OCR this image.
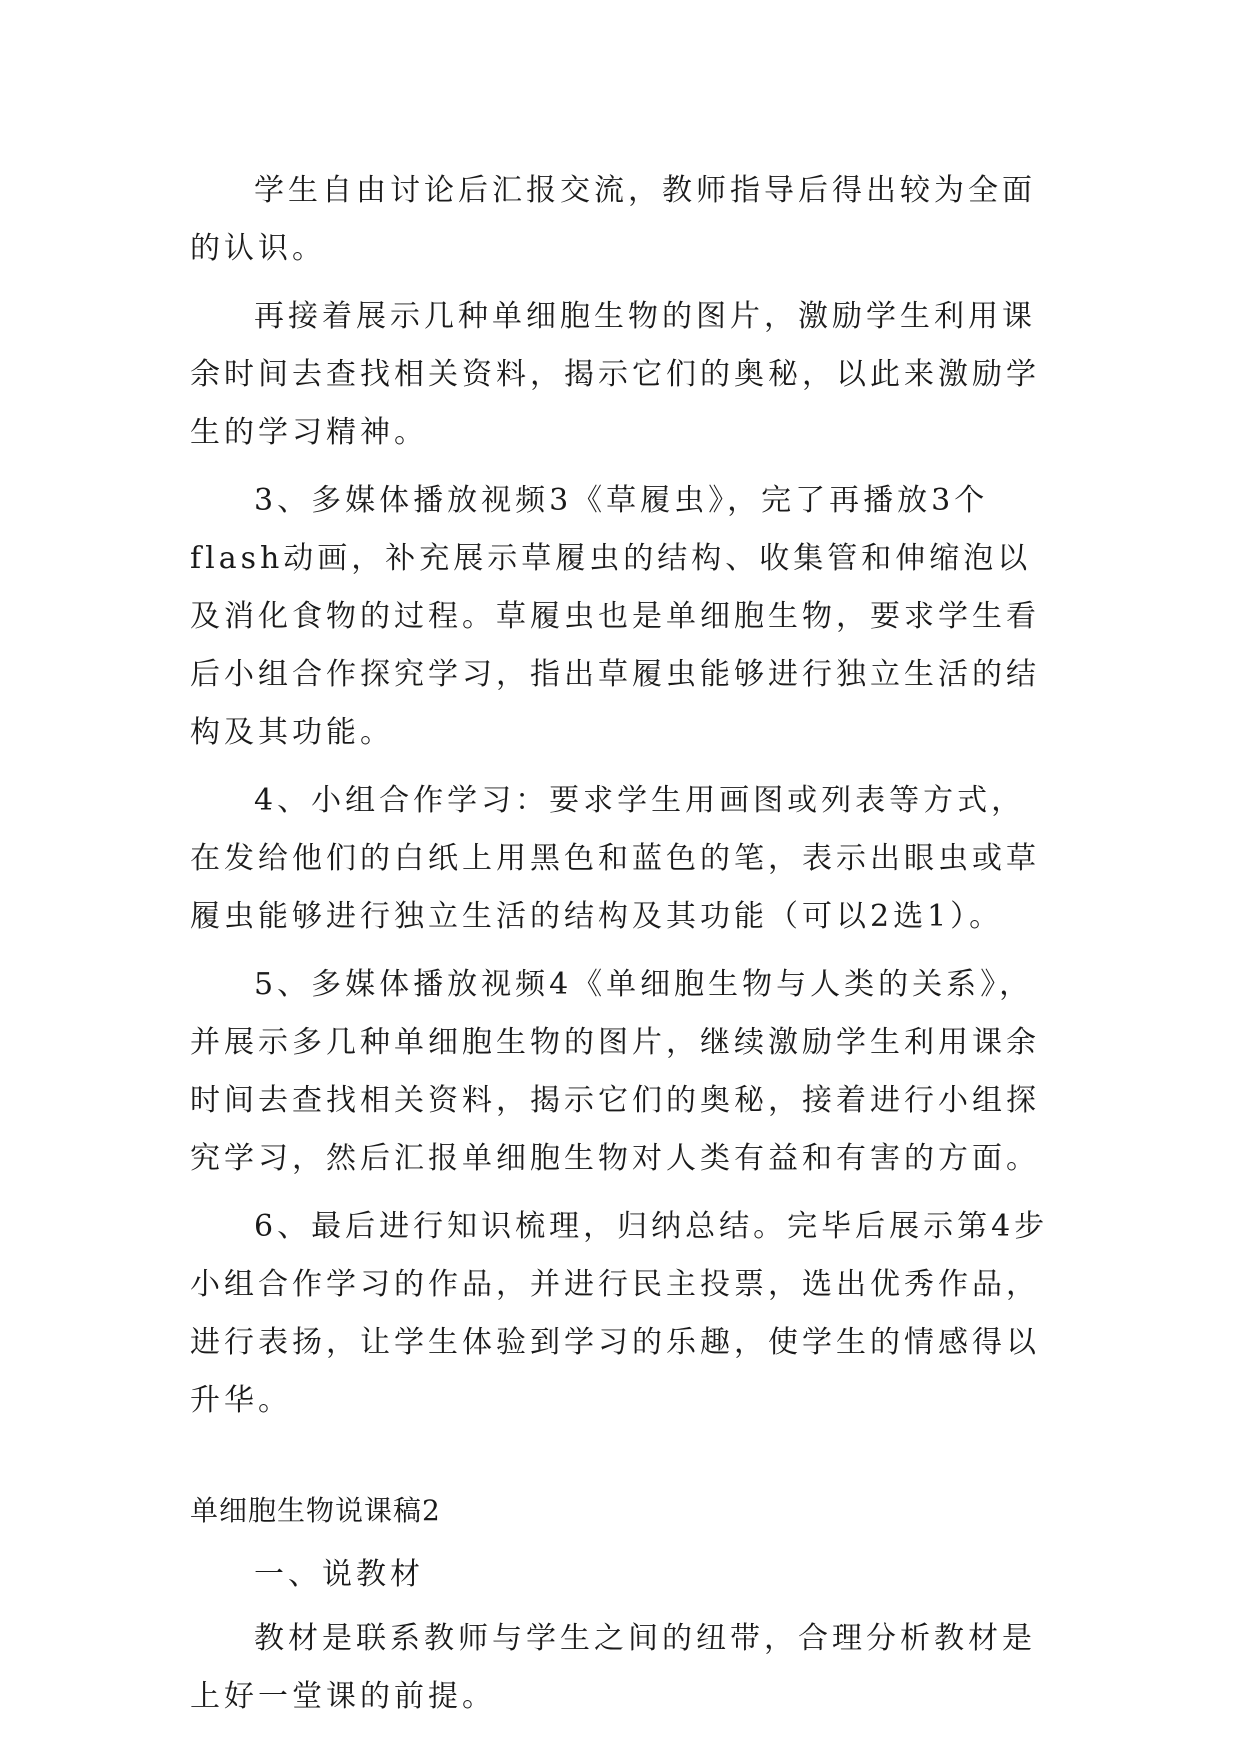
学生自由讨论后汇报交流，教师指导后得出较为全面的认识。

再接着展示几种单细胞生物的图片，激励学生利用课余时间去查找相关资料，揭示它们的奥秘，以此来激励学生的学习精神。

3、多媒体播放视频3《草履虫》，完了再播放3个flash动画，补充展示草履虫的结构、收集管和伸缩泡以及消化食物的过程。草履虫也是单细胞生物，要求学生看后小组合作探究学习，指出草履虫能够进行独立生活的结构及其功能。

4、小组合作学习：要求学生用画图或列表等方式，在发给他们的白纸上用黑色和蓝色的笔，表示出眼虫或草履虫能够进行独立生活的结构及其功能（可以2选1）。

5、多媒体播放视频4《单细胞生物与人类的关系》，并展示多几种单细胞生物的图片，继续激励学生利用课余时间去查找相关资料，揭示它们的奥秘，接着进行小组探究学习，然后汇报单细胞生物对人类有益和有害的方面。

6、最后进行知识梳理，归纳总结。完毕后展示第4步小组合作学习的作品，并进行民主投票，选出优秀作品，进行表扬，让学生体验到学习的乐趣，使学生的情感得以升华。

单细胞生物说课稿2

一、说教材

教材是联系教师与学生之间的纽带，合理分析教材是上好一堂课的前提。
